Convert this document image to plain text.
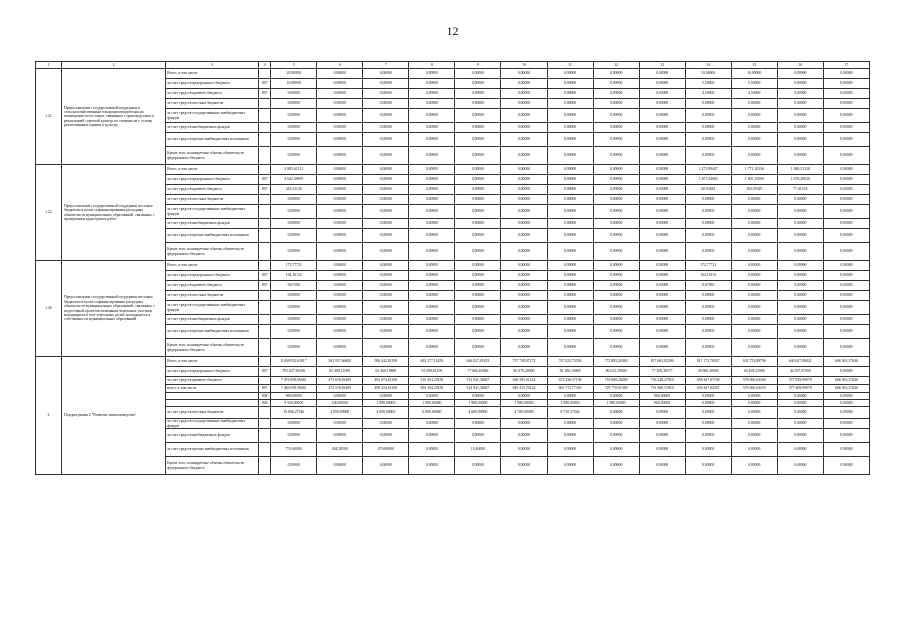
12
1	2	3	4	5	6	7	8	9	10	11	12	13	14	15	16	17
1.21	Предоставление государственной поддержки в сельскохозяйственным товаропроизводителям на возмещение части затрат, связанных с производством и реализацией сортовой культур по семенам не у основу реализованных единиц к культур	Всего, в том числе:		20,00000	0,00000	0,00000	0,00000	0,00000	0,00000	0,00000	0,00000	0,00000	10,00000	10,00000	0,00000	0,00000
		за счет средств федерального бюджета	807	10,00000	0,00000	0,00000	0,00000	0,00000	0,00000	0,00000	0,00000	0,00000	5,50000	5,50000	0,00000	0,00000
		за счет средств краевого бюджета	807	9,00000	0,00000	0,00000	0,00000	0,00000	0,00000	0,00000	0,00000	0,00000	4,50000	4,50000	0,00000	0,00000
		за счет средств местных бюджетов		0,00000	0,00000	0,00000	0,00000	0,00000	0,00000	0,00000	0,00000	0,00000	0,00000	0,00000	0,00000	0,00000
		за счет средств государственных внебюджетных фондов		0,00000	0,00000	0,00000	0,00000	0,00000	0,00000	0,00000	0,00000	0,00000	0,00000	0,00000	0,00000	0,00000
		за счет средств внебюджетных фондов		0,00000	0,00000	0,00000	0,00000	0,00000	0,00000	0,00000	0,00000	0,00000	0,00000	0,00000	0,00000	0,00000
		за счет средств прочих внебюджетных источников		0,00000	0,00000	0,00000	0,00000	0,00000	0,00000	0,00000	0,00000	0,00000	0,00000	0,00000	0,00000	0,00000
		Кроме того, планируемые объемы обязательств федерального бюджета		0,00000	0,00000	0,00000	0,00000	0,00000	0,00000	0,00000	0,00000	0,00000	0,00000	0,00000	0,00000	0,00000
1.22	Предоставление государственной поддержки местным бюджетам в целях софинансирования расходных обязательств муниципальных образований, связанных с проведением кадастровых работ	Всего, в том числе:		4 985,61121	0,00000	0,00000	0,00000	0,00000	0,00000	0,00000	0,00000	0,00000	1 275,99447	1 771,10336	1 948,51338	0,00000
		за счет средств федерального бюджета	807	4 642,29995	0,00000	0,00000	0,00000	0,00000	0,00000	0,00000	0,00000	0,00000	1 207,04965	1 605,15000	1 478,20030	0,00000
		за счет средств краевого бюджета	807	343,31136	0,00000	0,00000	0,00000	0,00000	0,00000	0,00000	0,00000	0,00000	68,94482	165,95329	77,41318	0,00000
		за счет средств местных бюджетов		0,00000	0,00000	0,00000	0,00000	0,00000	0,00000	0,00000	0,00000	0,00000	0,00000	0,00000	0,00000	0,00000
		за счет средств государственных внебюджетных фондов		0,00000	0,00000	0,00000	0,00000	0,00000	0,00000	0,00000	0,00000	0,00000	0,00000	0,00000	0,00000	0,00000
		за счет средств внебюджетных фондов		0,00000	0,00000	0,00000	0,00000	0,00000	0,00000	0,00000	0,00000	0,00000	0,00000	0,00000	0,00000	0,00000
		за счет средств прочих внебюджетных источников		0,00000	0,00000	0,00000	0,00000	0,00000	0,00000	0,00000	0,00000	0,00000	0,00000	0,00000	0,00000	0,00000
		Кроме того, планируемые объемы обязательств федерального бюджета		0,00000	0,00000	0,00000	0,00000	0,00000	0,00000	0,00000	0,00000	0,00000	0,00000	0,00000	0,00000	0,00000
1.26	Предоставление государственной поддержки местным бюджетам в целях софинансирования расходных обязательств муниципальных образований, связанных с подготовкой проектов межевания земельных участков, находящихся в счет земельных долей, находящихся в собственности муниципальных образований	Всего, в том числе:		172,77721	0,00000	0,00000	0,00000	0,00000	0,00000	0,00000	0,00000	0,00000	172,77721	0,00000	0,00000	0,00000
		за счет средств федерального бюджета	807	164,10135	0,00000	0,00000	0,00000	0,00000	0,00000	0,00000	0,00000	0,00000	164,10135	0,00000	0,00000	0,00000
		за счет средств краевого бюджета	807	8,67586	0,00000	0,00000	0,00000	0,00000	0,00000	0,00000	0,00000	0,00000	8,67586	0,00000	0,00000	0,00000
		за счет средств местных бюджетов		0,00000	0,00000	0,00000	0,00000	0,00000	0,00000	0,00000	0,00000	0,00000	0,00000	0,00000	0,00000	0,00000
		за счет средств государственных внебюджетных фондов		0,00000	0,00000	0,00000	0,00000	0,00000	0,00000	0,00000	0,00000	0,00000	0,00000	0,00000	0,00000	0,00000
		за счет средств внебюджетных фондов		0,00000	0,00000	0,00000	0,00000	0,00000	0,00000	0,00000	0,00000	0,00000	0,00000	0,00000	0,00000	0,00000
		за счет средств прочих внебюджетных источников		0,00000	0,00000	0,00000	0,00000	0,00000	0,00000	0,00000	0,00000	0,00000	0,00000	0,00000	0,00000	0,00000
		Кроме того, планируемые объемы обязательств федерального бюджета		0,00000	0,00000	0,00000	0,00000	0,00000	0,00000	0,00000	0,00000	0,00000	0,00000	0,00000	0,00000	0,00000
2	Подпрограмма 2 "Развитие животноводства"	Всего, в том числе:		8 268 052,63017	563 957,66400	586 442,81100	603 277,16250	646 027,01453	757 728,07272	767 022,75356	772 895,20380	817 663,82296	811 173,70307	632 753,89796	640 627,06021	668 363,37646
		за счет средств федерального бюджета	807	781 027,96336	85 488,11000	63 368,19800	61 688,61100	77 665,65966	80 378,20000	82 186,10000	86 023,39000	77 309,39377	38 960,30000	46 458,25000	42 937,07000	0,00000
		за счет средств краевого бюджета		7 476 958,66681	473 618,81400	493 074,61300	510 454,29150	531 041,36407	640 395,01124	673 236,57156	718 680,20280	736 248,27916	658 367,07109	578 066,64260	577 839,99079	668 363,37646
		всего, в том числе	807	7 466 058,56681	473 518,81400	490 324,61300	504 104,29150	524 841,36407	640 415,79124	663 731,77356	729 770,91380	731 308,72916	656 367,04307	576 966,04259	577 469,99079	668 363,37646
			808	960,00000	0,00000	0,00000	0,00000	0,00000	0,00000	0,00000	0,00000	960,00000	0,00000	0,00000	0,00000	0,00000
			846	9 940,00000	100,00000	1 980,00000	1 980,00000	1 980,00000	1 980,00000	1 980,00000	1 980,00000	960,00000	0,00000	0,00000	0,00000	0,00000
		за счет средств местных бюджетов		10 066,27546	4 850,00000	4 000,00000	6 000,00000	4 600,00000	4 700,00000	8 730,37546	0,00000	0,00000	0,00000	0,00000	0,00000	0,00000
		за счет средств государственных внебюджетных фондов		0,00000	0,00000	0,00000	0,00000	0,00000	0,00000	0,00000	0,00000	0,00000	0,00000	0,00000	0,00000	0,00000
		за счет средств внебюджетных фондов		0,00000	0,00000	0,00000	0,00000	0,00000	0,00000	0,00000	0,00000	0,00000	0,00000	0,00000	0,00000	0,00000
		за счет средств прочих внебюджетных источников		751,60000	264,58500	470,00000	0,00000	15,40000	0,00000	0,00000	0,00000	0,00000	0,00000	0,00000	0,00000	0,00000
		Кроме того, планируемые объемы обязательств федерального бюджета		0,00000	0,00000	0,00000	0,00000	0,00000	0,00000	0,00000	0,00000	0,00000	0,00000	0,00000	0,00000	0,00000
